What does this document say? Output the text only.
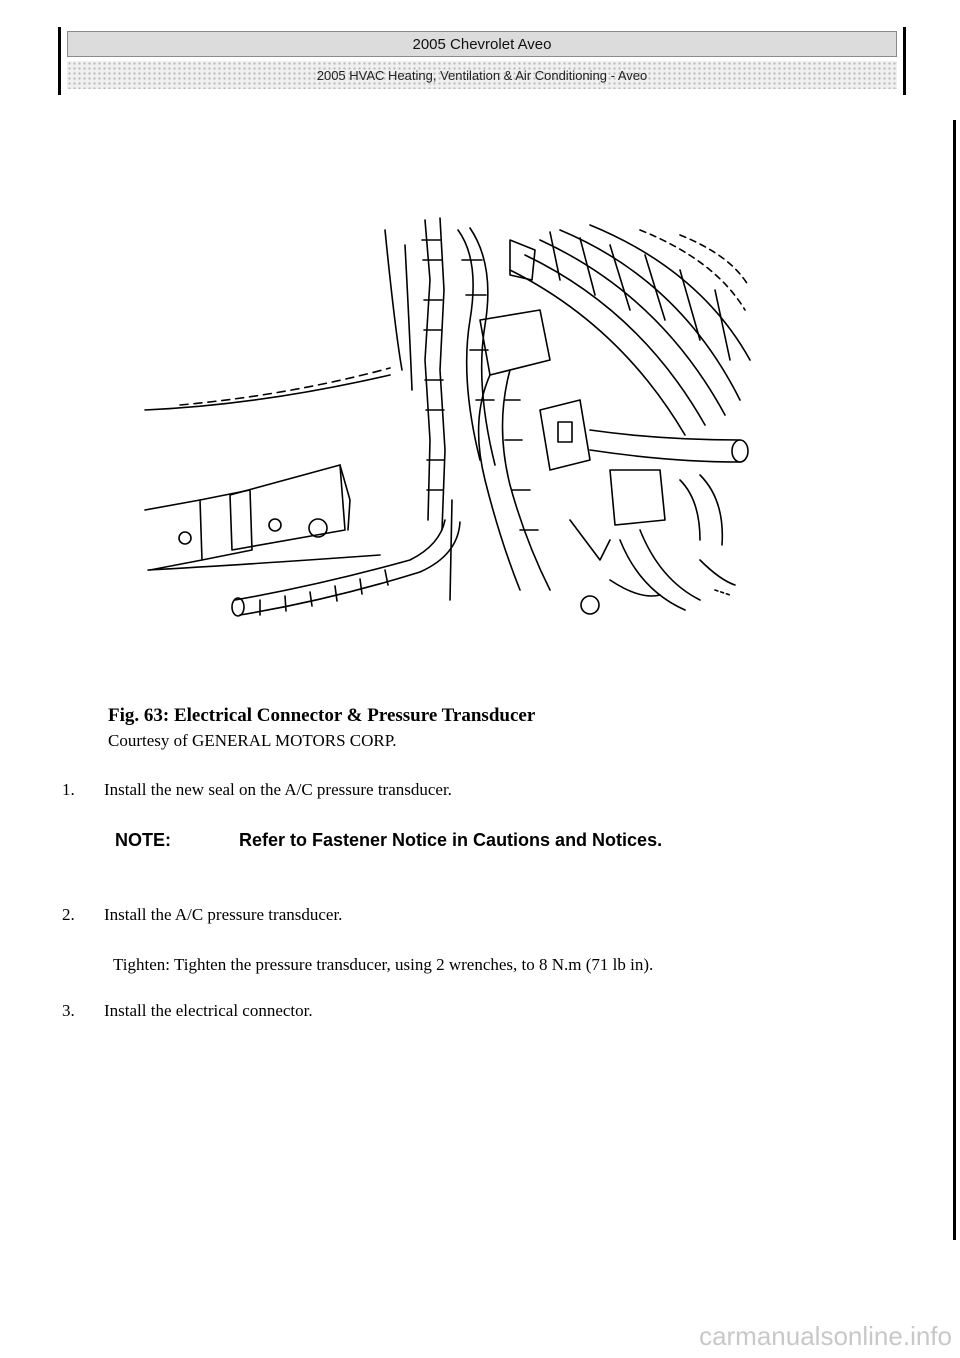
2005 Chevrolet Aveo
2005 HVAC Heating, Ventilation & Air Conditioning - Aveo
Fig. 63: Electrical Connector & Pressure Transducer
Courtesy of GENERAL MOTORS CORP.
1. Install the new seal on the A/C pressure transducer.
NOTE:	Refer to Fastener Notice in Cautions and Notices.
2. Install the A/C pressure transducer.
Tighten: Tighten the pressure transducer, using 2 wrenches, to 8 N.m (71 lb in).
3. Install the electrical connector.
carmanualsonline.info
